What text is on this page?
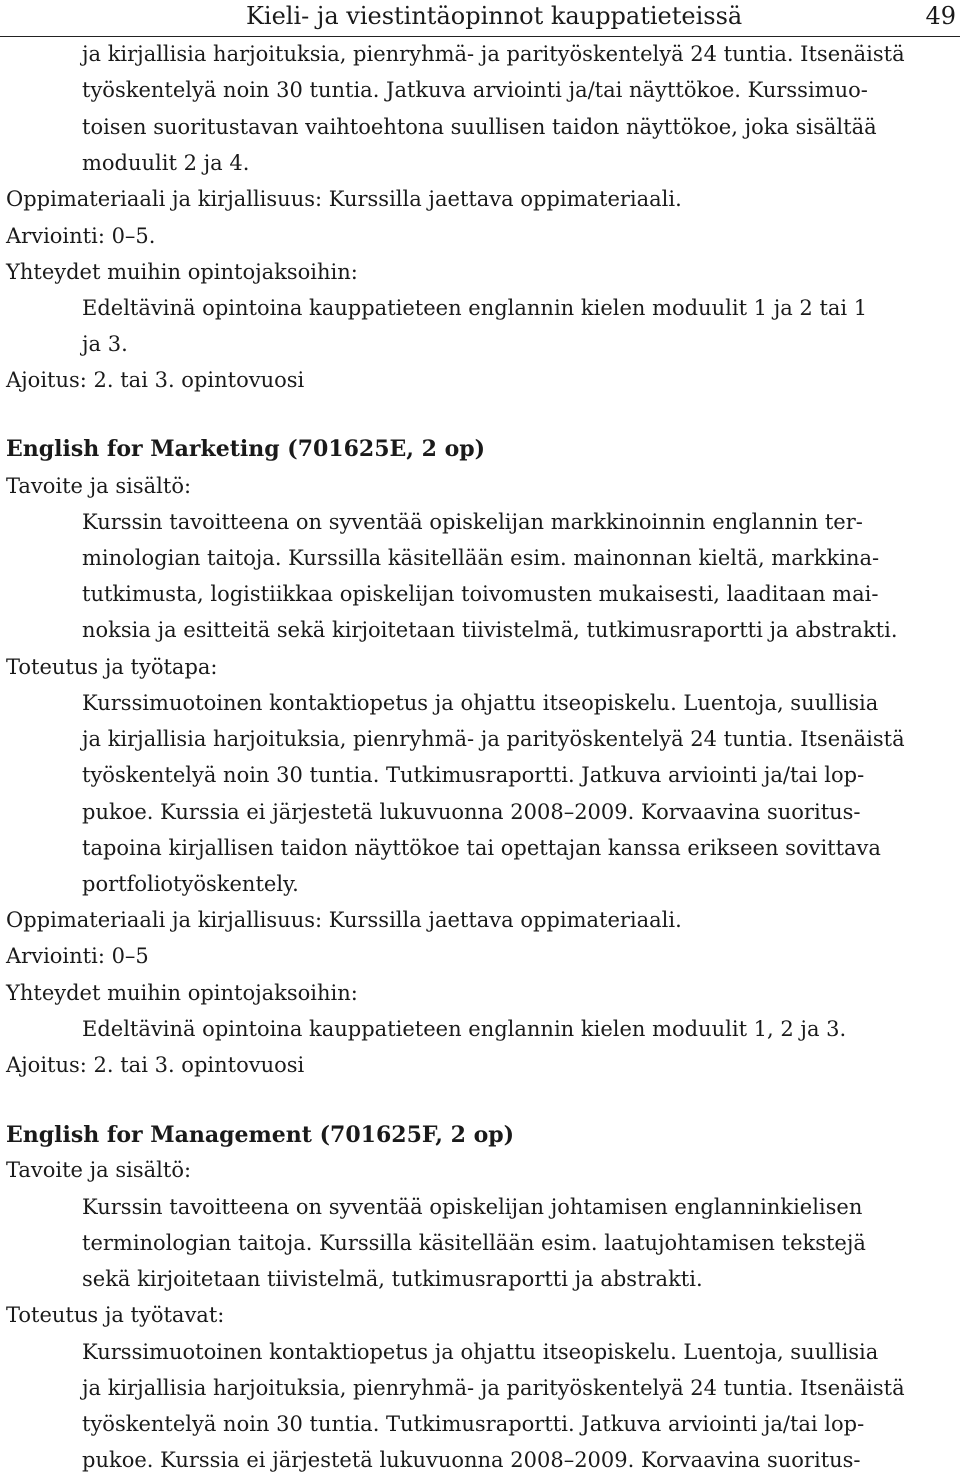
Kieli- ja viestintäopinnot kauppatieteissä	49

ja kirjallisia harjoituksia, pienryhmä- ja parityöskentelyä 24 tuntia. Itsenäistä

työskentelyä noin 30 tuntia. Jatkuva arviointi ja/tai näyttökoe. Kurssimuo-

toisen suoritustavan vaihtoehtona suullisen taidon näyttökoe, joka sisältää

moduulit 2 ja 4.

Oppimateriaali ja kirjallisuus: Kurssilla jaettava oppimateriaali.

Arviointi: 0–5.

Yhteydet muihin opintojaksoihin:

Edeltävinä opintoina kauppatieteen englannin kielen moduulit 1 ja 2 tai 1

ja 3.

Ajoitus: 2. tai 3. opintovuosi

English for Marketing (701625E, 2 op)

Tavoite ja sisältö:

Kurssin tavoitteena on syventää opiskelijan markkinoinnin englannin ter-

minologian taitoja. Kurssilla käsitellään esim. mainonnan kieltä, markkina-

tutkimusta, logistiikkaa opiskelijan toivomusten mukaisesti, laaditaan mai-

noksia ja esitteitä sekä kirjoitetaan tiivistelmä, tutkimusraportti ja abstrakti.

Toteutus ja työtapa:

Kurssimuotoinen kontaktiopetus ja ohjattu itseopiskelu. Luentoja, suullisia

ja kirjallisia harjoituksia, pienryhmä- ja parityöskentelyä 24 tuntia. Itsenäistä

työskentelyä noin 30 tuntia. Tutkimusraportti. Jatkuva arviointi ja/tai lop-

pukoe. Kurssia ei järjestetä lukuvuonna 2008–2009. Korvaavina suoritus-

tapoina kirjallisen taidon näyttökoe tai opettajan kanssa erikseen sovittava

portfoliotyöskentely.

Oppimateriaali ja kirjallisuus: Kurssilla jaettava oppimateriaali.

Arviointi: 0–5

Yhteydet muihin opintojaksoihin:

Edeltävinä opintoina kauppatieteen englannin kielen moduulit 1, 2 ja 3.

Ajoitus: 2. tai 3. opintovuosi

English for Management (701625F, 2 op)

Tavoite ja sisältö:

Kurssin tavoitteena on syventää opiskelijan johtamisen englanninkielisen

terminologian taitoja. Kurssilla käsitellään esim. laatujohtamisen tekstejä

sekä kirjoitetaan tiivistelmä, tutkimusraportti ja abstrakti.

Toteutus ja työtavat:

Kurssimuotoinen kontaktiopetus ja ohjattu itseopiskelu. Luentoja, suullisia

ja kirjallisia harjoituksia, pienryhmä- ja parityöskentelyä 24 tuntia. Itsenäistä

työskentelyä noin 30 tuntia. Tutkimusraportti. Jatkuva arviointi ja/tai lop-

pukoe. Kurssia ei järjestetä lukuvuonna 2008–2009. Korvaavina suoritus-
